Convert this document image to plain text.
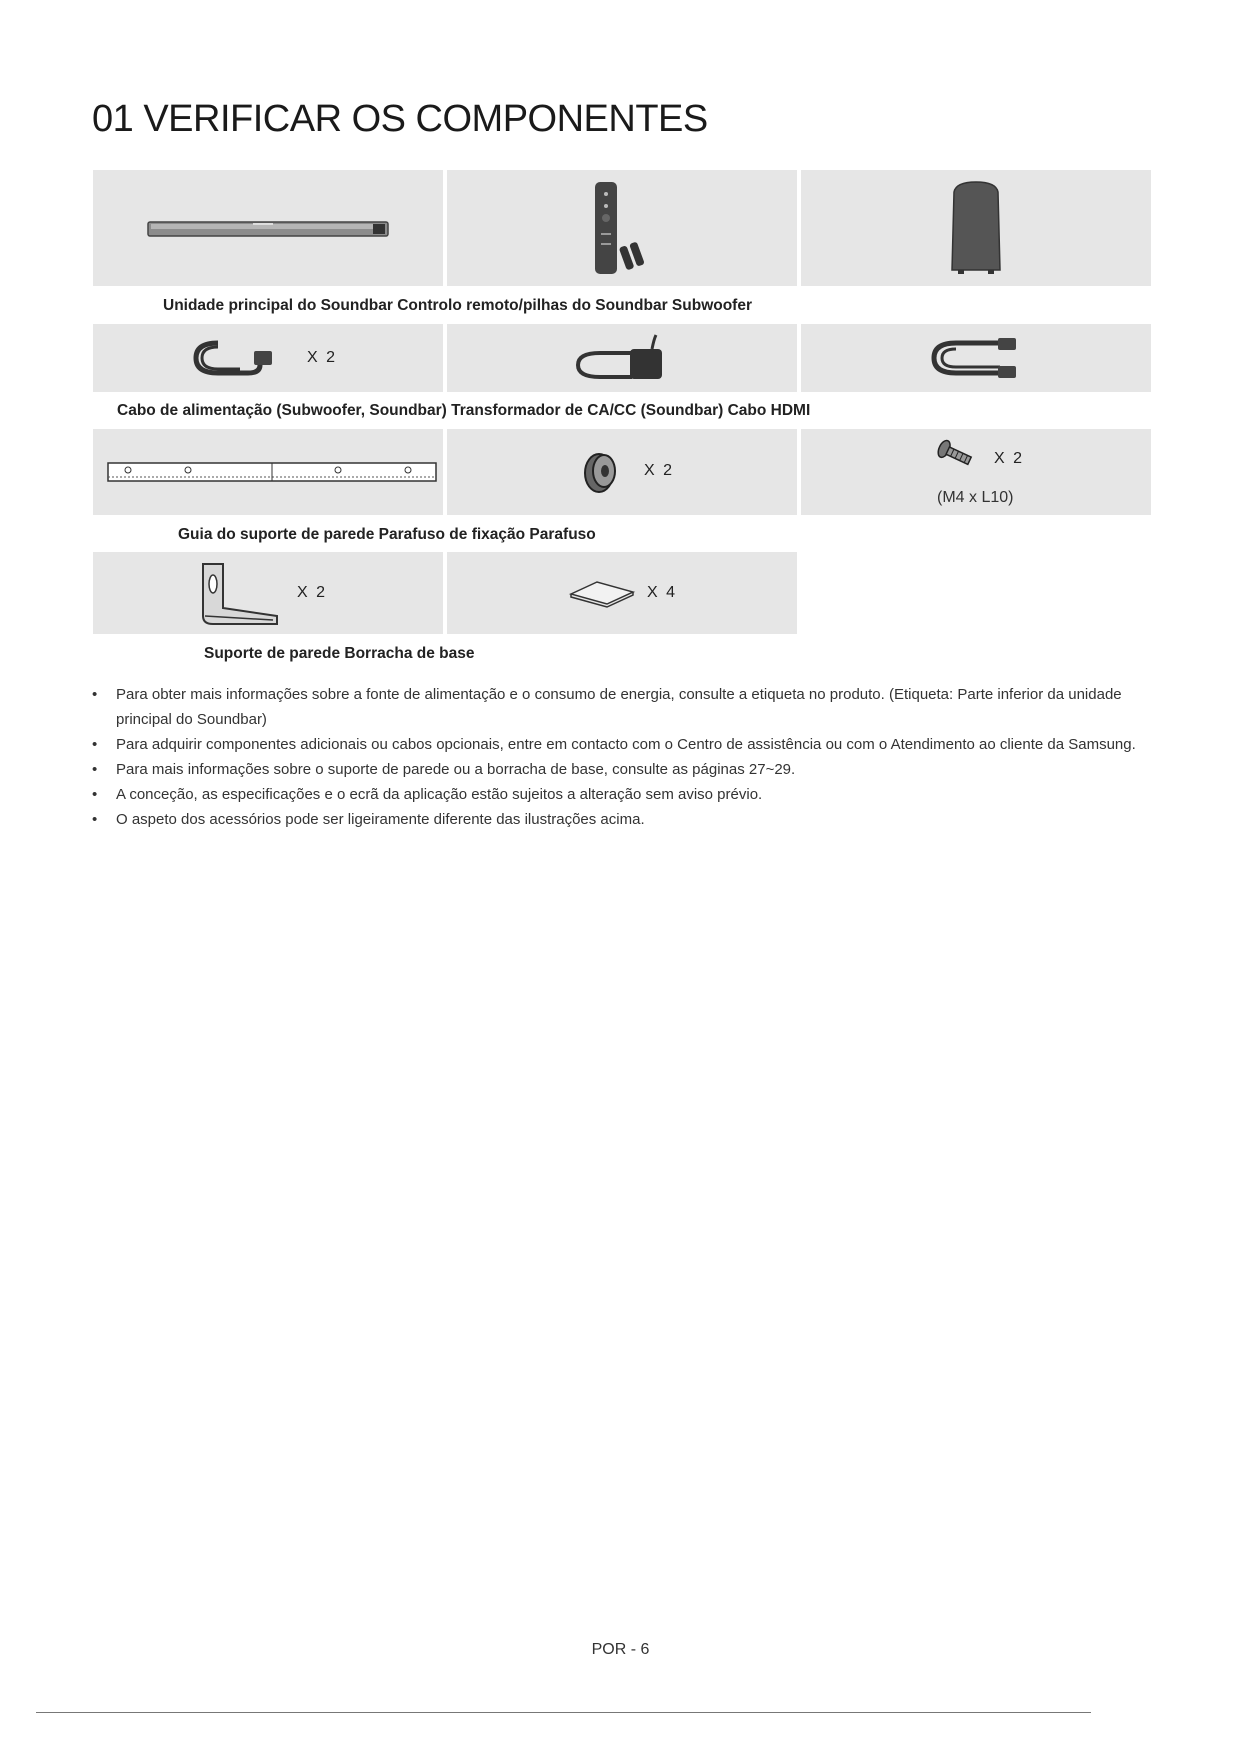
01 VERIFICAR OS COMPONENTES
Unidade principal do Soundbar Controlo remoto/pilhas do Soundbar Subwoofer
X 2
Cabo de alimentação (Subwoofer, Soundbar) Transformador de CA/CC (Soundbar) Cabo HDMI
X 2
X 2
(M4 x L10)
Guia do suporte de parede Parafuso de fixação Parafuso
X 2	X 4
Suporte de parede Borracha de base
• Para obter mais informações sobre a fonte de alimentação e o consumo de energia, consulte a etiqueta no produto. (Etiqueta: Parte inferior da unidade principal do Soundbar)
• Para adquirir componentes adicionais ou cabos opcionais, entre em contacto com o Centro de assistência ou com o Atendimento ao cliente da Samsung.
• Para mais informações sobre o suporte de parede ou a borracha de base, consulte as páginas 27~29.
• A conceção, as especificações e o ecrã da aplicação estão sujeitos a alteração sem aviso prévio.
• O aspeto dos acessórios pode ser ligeiramente diferente das ilustrações acima.
POR - 6
